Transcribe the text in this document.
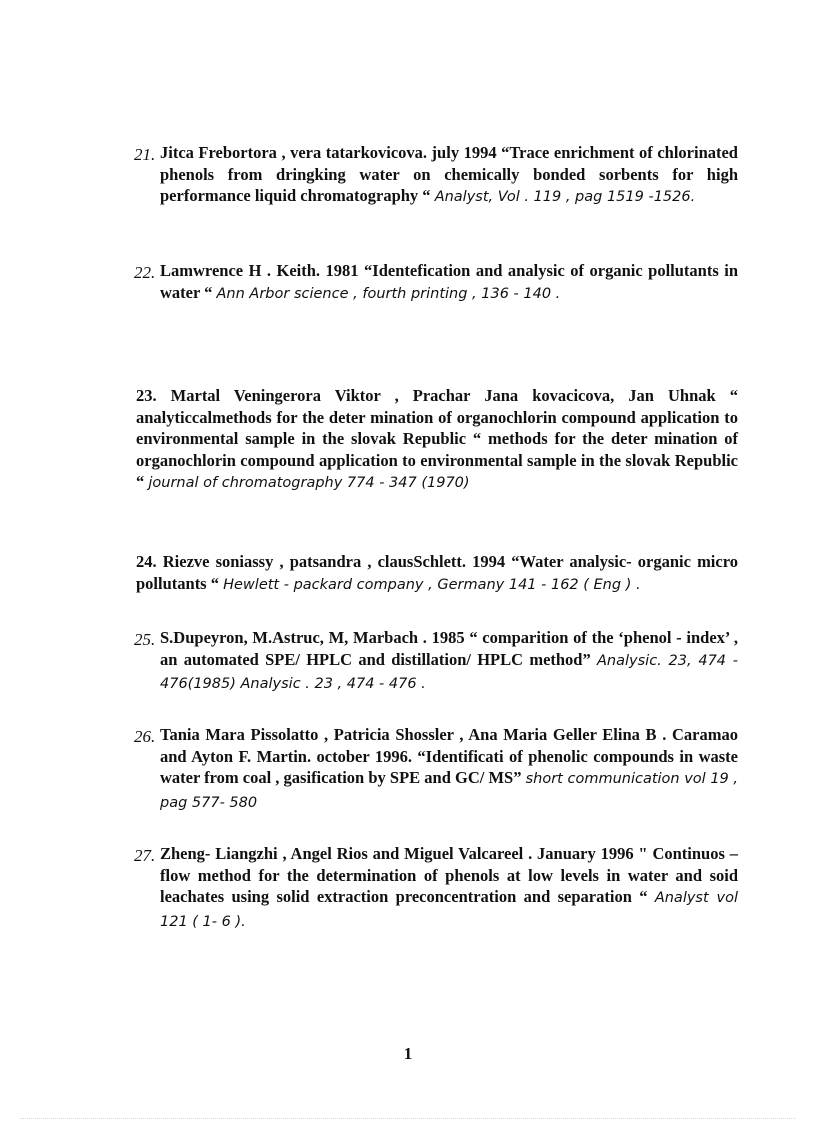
21. Jitca Frebortora , vera tatarkovicova. july 1994 “Trace enrichment of chlorinated phenols from dringking water on chemically bonded sorbents for high performance liquid chromatography “ Analyst, Vol . 119 , pag 1519 -1526.
22. Lamwrence H . Keith. 1981 “Identefication and analysic of organic pollutants in water “ Ann Arbor science , fourth printing , 136 - 140 .
23. Martal Veningerora Viktor , Prachar Jana kovacicova, Jan Uhnak “ analyticcalmethods for the deter mination of organochlorin compound application to environmental sample in the slovak Republic “ methods for the deter mination of organochlorin compound application to environmental sample in the slovak Republic “ journal of chromatography 774 - 347 (1970)
24. Riezve soniassy , patsandra , clausSchlett. 1994 “Water analysic- organic micro pollutants “ Hewlett - packard company , Germany 141 - 162 ( Eng ) .
25. S.Dupeyron, M.Astruc, M, Marbach . 1985 “ comparition of the ‘phenol - index’ , an automated SPE/ HPLC and distillation/ HPLC method” Analysic. 23, 474 - 476(1985) Analysic . 23 , 474 - 476 .
26. Tania Mara Pissolatto , Patricia Shossler , Ana Maria Geller Elina B . Caramao and Ayton F. Martin. october 1996. “Identificati of phenolic compounds in waste water from coal , gasification by SPE and GC/ MS” short communication vol 19 , pag 577- 580
27. Zheng- Liangzhi , Angel Rios and Miguel Valcareel . January 1996 " Continuos – flow method for the determination of phenols at low levels in water and soid leachates using solid extraction preconcentration and separation “ Analyst vol 121 ( 1- 6 ).
1
